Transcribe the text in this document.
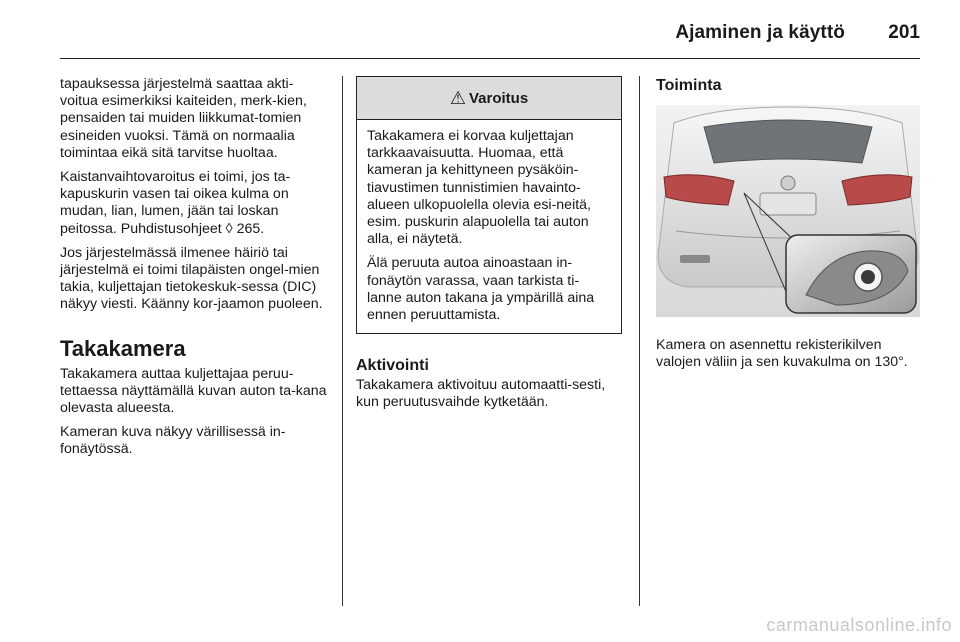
Ajaminen ja käyttö 201

tapauksessa järjestelmä saattaa akti-voitua esimerkiksi kaiteiden, merk-kien, pensaiden tai muiden liikkumat-tomien esineiden vuoksi. Tämä on normaalia toimintaa eikä sitä tarvitse huoltaa.

Kaistanvaihtovaroitus ei toimi, jos ta-kapuskurin vasen tai oikea kulma on mudan, lian, lumen, jään tai loskan peitossa. Puhdistusohjeet ◊ 265.

Jos järjestelmässä ilmenee häiriö tai järjestelmä ei toimi tilapäisten ongel-mien takia, kuljettajan tietokeskuk-sessa (DIC) näkyy viesti. Käänny kor-jaamon puoleen.

Takakamera

Takakamera auttaa kuljettajaa peruu-tettaessa näyttämällä kuvan auton ta-kana olevasta alueesta.

Kameran kuva näkyy värillisessä in-fonäytössä.

⚠ Varoitus

Takakamera ei korvaa kuljettajan tarkkaavaisuutta. Huomaa, että kameran ja kehittyneen pysäköin-tiavustimen tunnistimien havainto-alueen ulkopuolella olevia esi-neitä, esim. puskurin alapuolella tai auton alla, ei näytetä.

Älä peruuta autoa ainoastaan in-fonäytön varassa, vaan tarkista ti-lanne auton takana ja ympärillä aina ennen peruuttamista.

Aktivointi

Takakamera aktivoituu automaatti-sesti, kun peruutusvaihde kytketään.

Toiminta

Kamera on asennettu rekisterikilven valojen väliin ja sen kuvakulma on 130°.

carmanualsonline.info
